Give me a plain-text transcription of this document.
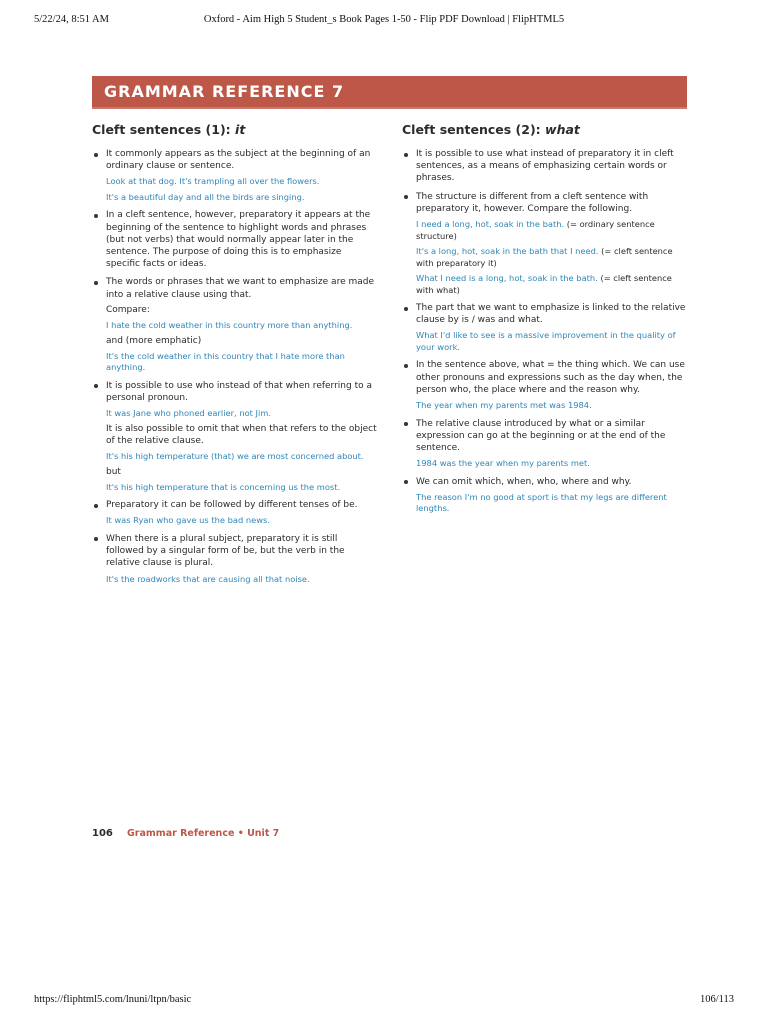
5/22/24, 8:51 AM	Oxford - Aim High 5 Student_s Book Pages 1-50 - Flip PDF Download | FlipHTML5
GRAMMAR REFERENCE 7
Cleft sentences (1): it
It commonly appears as the subject at the beginning of an ordinary clause or sentence.
Look at that dog. It's trampling all over the flowers.
It's a beautiful day and all the birds are singing.
In a cleft sentence, however, preparatory it appears at the beginning of the sentence to highlight words and phrases (but not verbs) that would normally appear later in the sentence. The purpose of doing this is to emphasize specific facts or ideas.
The words or phrases that we want to emphasize are made into a relative clause using that.
Compare:
I hate the cold weather in this country more than anything.
and (more emphatic)
It's the cold weather in this country that I hate more than anything.
It is possible to use who instead of that when referring to a personal pronoun.
It was Jane who phoned earlier, not Jim.
It is also possible to omit that when that refers to the object of the relative clause.
It's his high temperature (that) we are most concerned about.
but
It's his high temperature that is concerning us the most.
Preparatory it can be followed by different tenses of be.
It was Ryan who gave us the bad news.
When there is a plural subject, preparatory it is still followed by a singular form of be, but the verb in the relative clause is plural.
It's the roadworks that are causing all that noise.
Cleft sentences (2): what
It is possible to use what instead of preparatory it in cleft sentences, as a means of emphasizing certain words or phrases.
The structure is different from a cleft sentence with preparatory it, however. Compare the following.
I need a long, hot, soak in the bath. (= ordinary sentence structure)
It's a long, hot, soak in the bath that I need. (= cleft sentence with preparatory it)
What I need is a long, hot, soak in the bath. (= cleft sentence with what)
The part that we want to emphasize is linked to the relative clause by is / was and what.
What I'd like to see is a massive improvement in the quality of your work.
In the sentence above, what = the thing which. We can use other pronouns and expressions such as the day when, the person who, the place where and the reason why.
The year when my parents met was 1984.
The relative clause introduced by what or a similar expression can go at the beginning or at the end of the sentence.
1984 was the year when my parents met.
We can omit which, when, who, where and why.
The reason I'm no good at sport is that my legs are different lengths.
106 Grammar Reference • Unit 7
https://fliphtml5.com/lnuni/ltpn/basic	106/113
